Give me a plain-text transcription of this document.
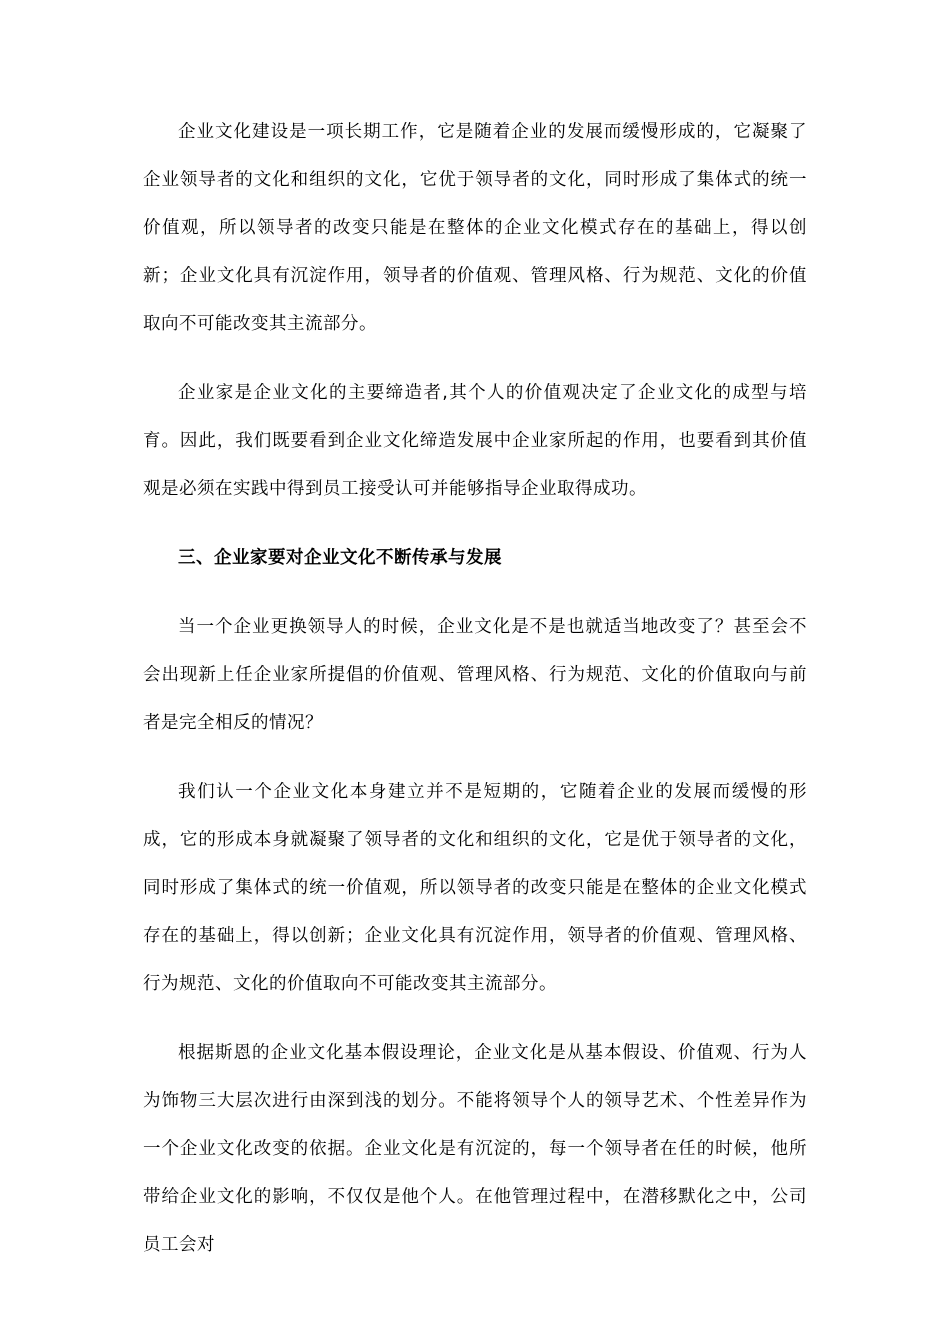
企业文化建设是一项长期工作，它是随着企业的发展而缓慢形成的，它凝聚了企业领导者的文化和组织的文化，它优于领导者的文化，同时形成了集体式的统一价值观，所以领导者的改变只能是在整体的企业文化模式存在的基础上，得以创新；企业文化具有沉淀作用，领导者的价值观、管理风格、行为规范、文化的价值取向不可能改变其主流部分。

企业家是企业文化的主要缔造者,其个人的价值观决定了企业文化的成型与培育。因此，我们既要看到企业文化缔造发展中企业家所起的作用，也要看到其价值观是必须在实践中得到员工接受认可并能够指导企业取得成功。

三、企业家要对企业文化不断传承与发展

当一个企业更换领导人的时候，企业文化是不是也就适当地改变了？甚至会不会出现新上任企业家所提倡的价值观、管理风格、行为规范、文化的价值取向与前者是完全相反的情况？

我们认一个企业文化本身建立并不是短期的，它随着企业的发展而缓慢的形成，它的形成本身就凝聚了领导者的文化和组织的文化，它是优于领导者的文化，同时形成了集体式的统一价值观，所以领导者的改变只能是在整体的企业文化模式存在的基础上，得以创新；企业文化具有沉淀作用，领导者的价值观、管理风格、行为规范、文化的价值取向不可能改变其主流部分。

根据斯恩的企业文化基本假设理论，企业文化是从基本假设、价值观、行为人为饰物三大层次进行由深到浅的划分。不能将领导个人的领导艺术、个性差异作为一个企业文化改变的依据。企业文化是有沉淀的，每一个领导者在任的时候，他所带给企业文化的影响，不仅仅是他个人。在他管理过程中，在潜移默化之中，公司员工会对
